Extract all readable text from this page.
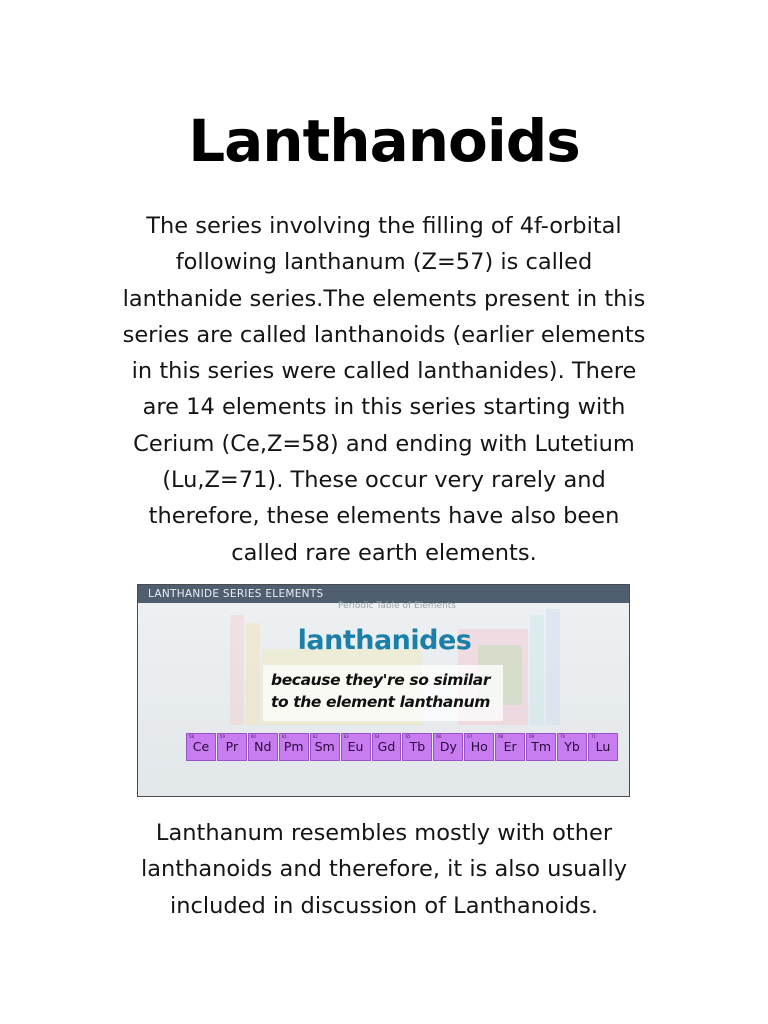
Lanthanoids

The series involving the filling of 4f-orbital
following lanthanum (Z=57) is called
lanthanide series.The elements present in this
series are called lanthanoids (earlier elements
in this series were called lanthanides). There
are 14 elements in this series starting with
Cerium (Ce,Z=58) and ending with Lutetium
(Lu,Z=71). These occur very rarely and
therefore, these elements have also been
called rare earth elements.

LANTHANIDE SERIES ELEMENTS
Periodic Table of Elements
lanthanides
because they're so similar
to the element lanthanum
58
Ce
59
Pr
60
Nd
61
Pm
62
Sm
63
Eu
64
Gd
65
Tb
66
Dy
67
Ho
68
Er
69
Tm
70
Yb
71
Lu

Lanthanum resembles mostly with other
lanthanoids and therefore, it is also usually
included in discussion of Lanthanoids.
